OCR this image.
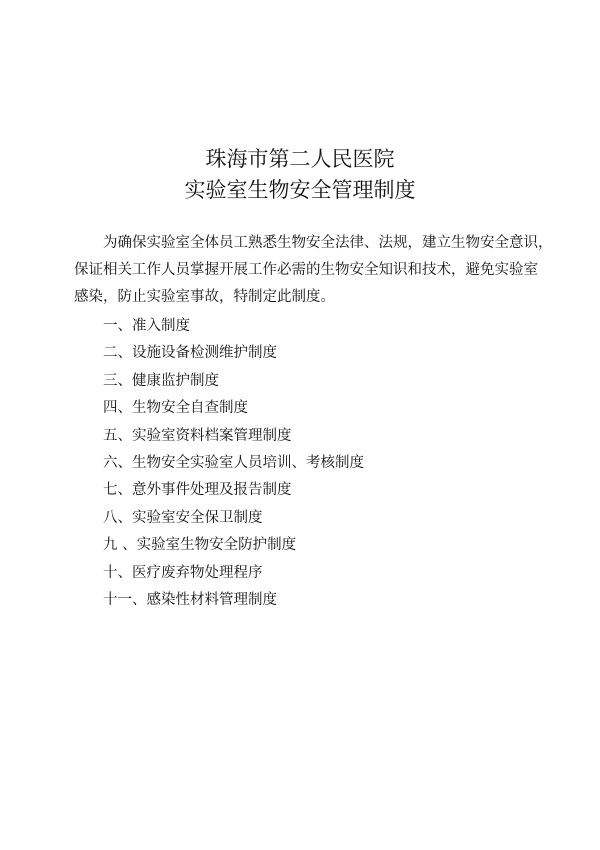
珠海市第二人民医院
实验室生物安全管理制度
为确保实验室全体员工熟悉生物安全法律、法规，建立生物安全意识，
保证相关工作人员掌握开展工作必需的生物安全知识和技术，避免实验室
感染，防止实验室事故，特制定此制度。
一、准入制度
二、设施设备检测维护制度
三、健康监护制度
四、生物安全自查制度
五、实验室资料档案管理制度
六、生物安全实验室人员培训、考核制度
七、意外事件处理及报告制度
八、实验室安全保卫制度
九 、实验室生物安全防护制度
十、医疗废弃物处理程序
十一、感染性材料管理制度
